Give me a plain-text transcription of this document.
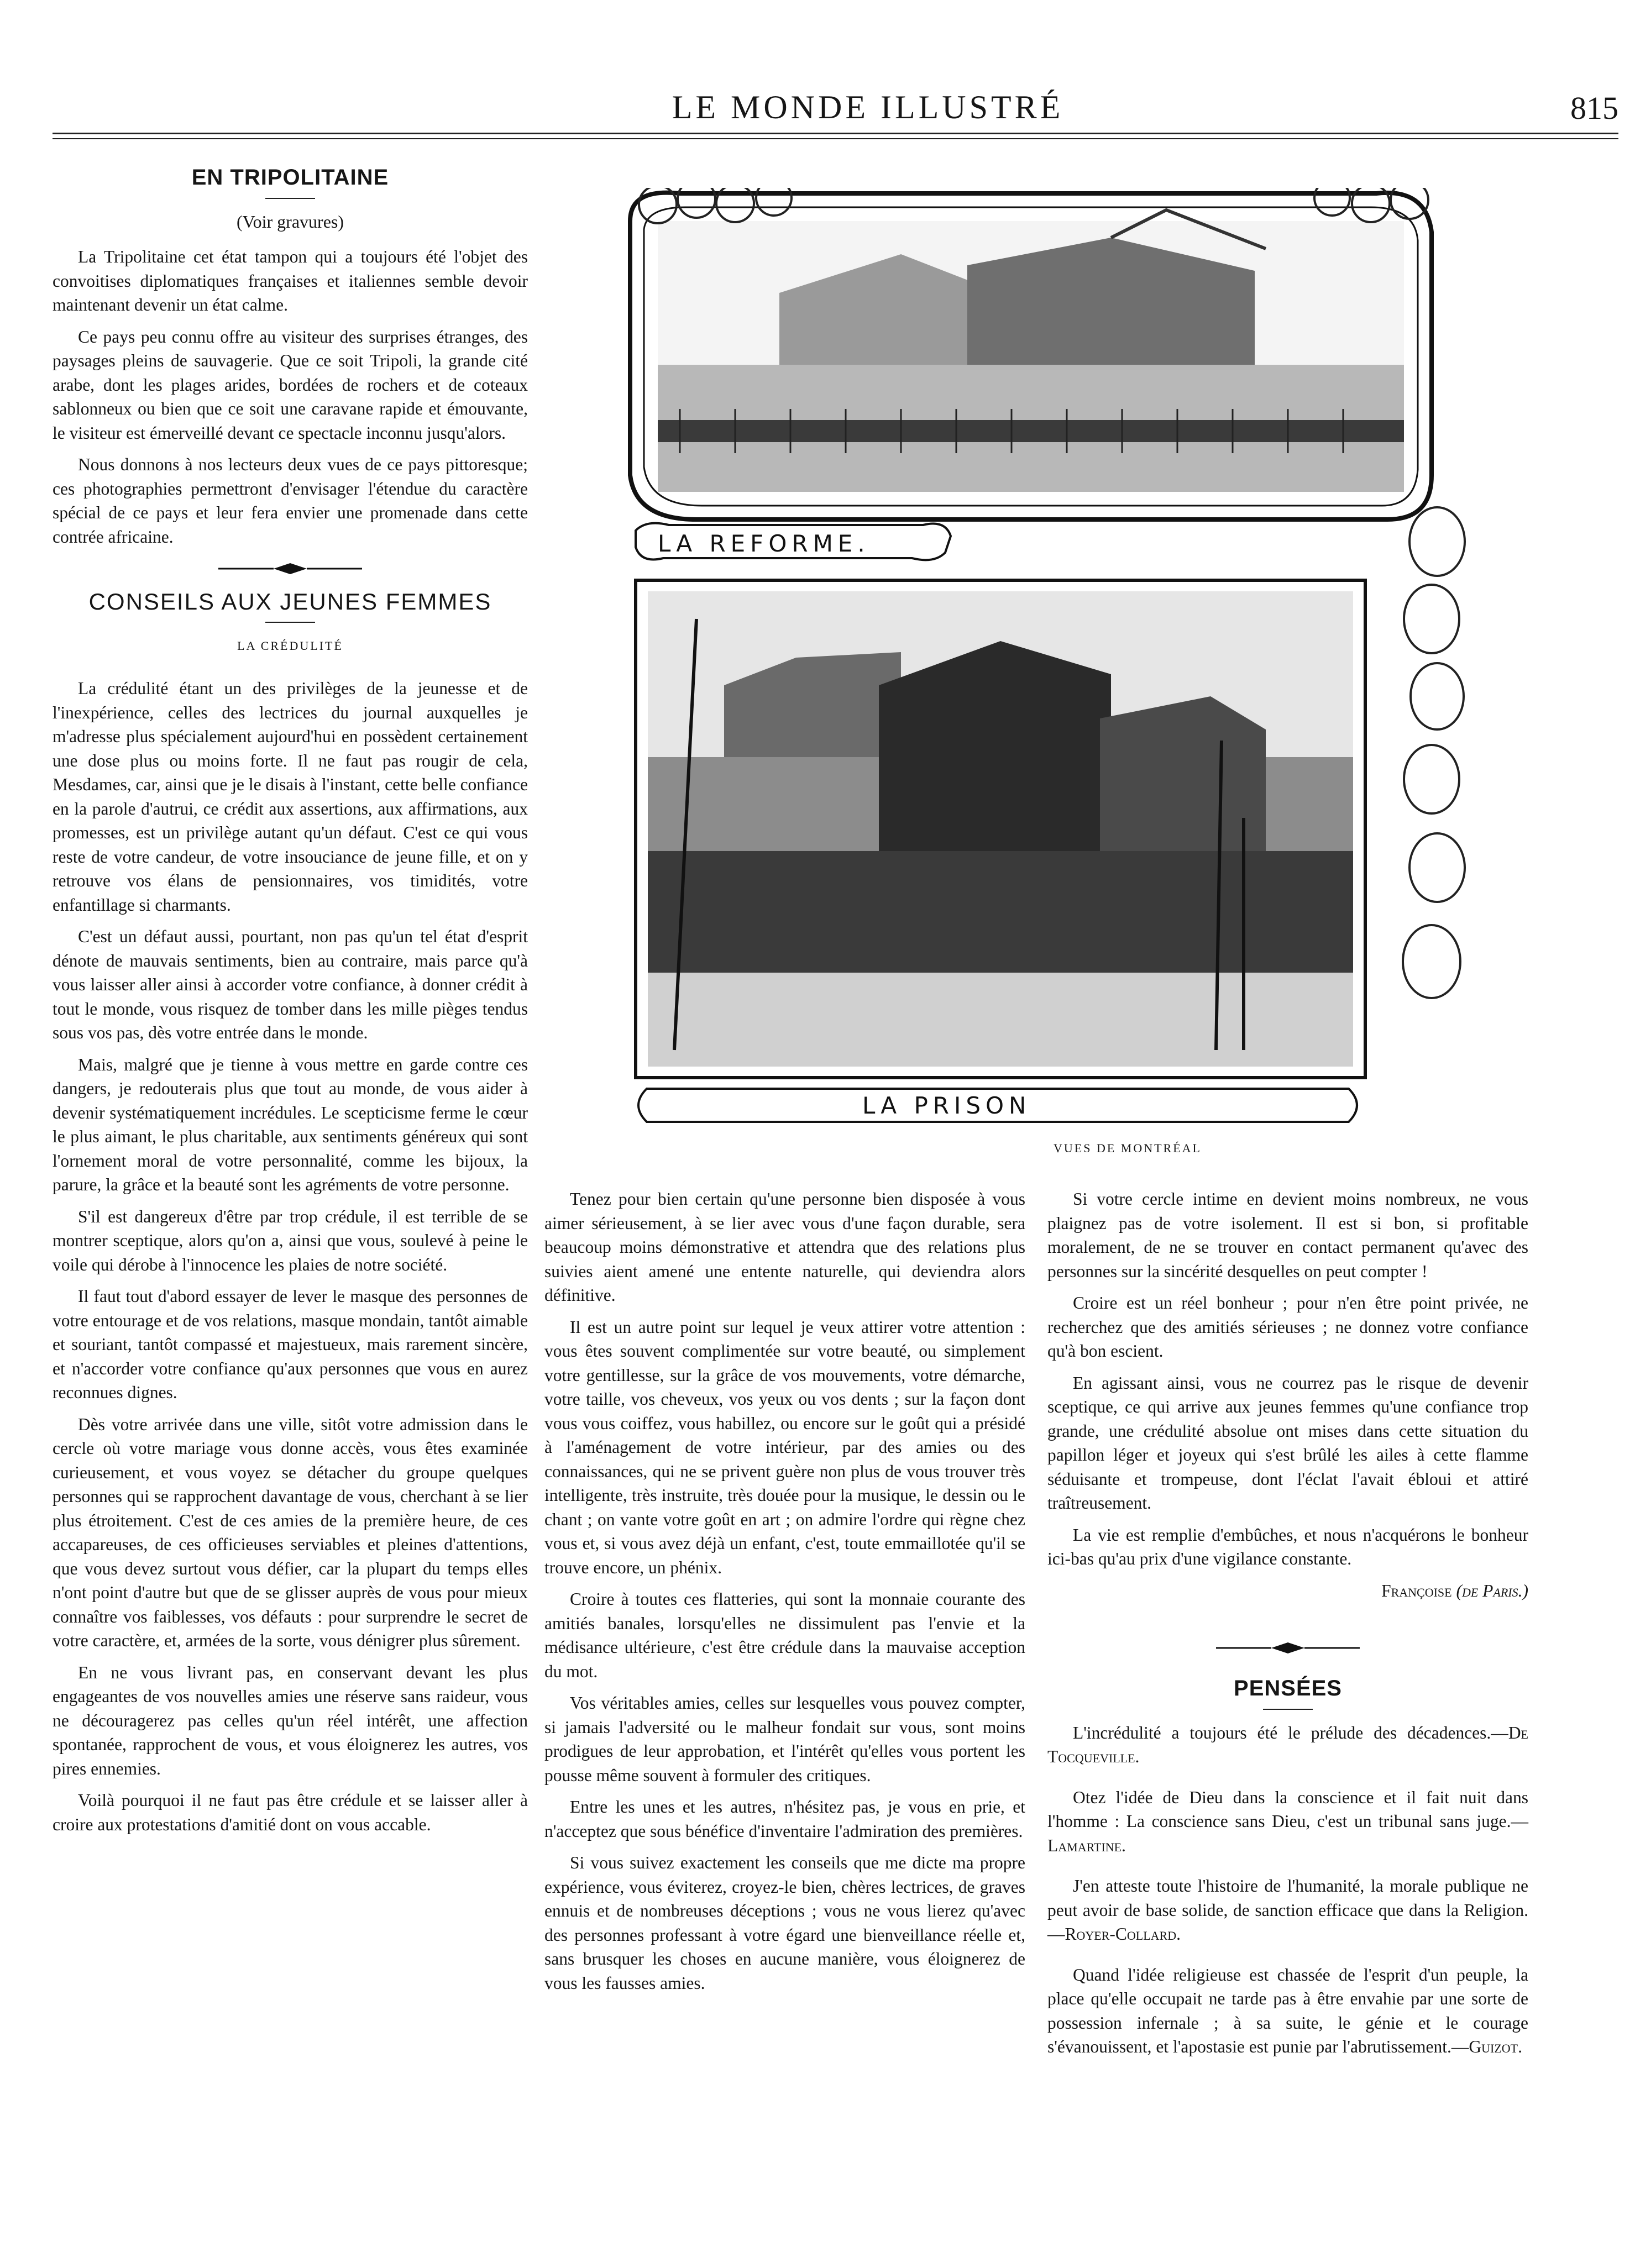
LE MONDE ILLUSTRÉ	815
EN TRIPOLITAINE
(Voir gravures)

La Tripolitaine cet état tampon qui a toujours été l'objet des convoitises diplomatiques françaises et italiennes semble devoir maintenant devenir un état calme.

Ce pays peu connu offre au visiteur des surprises étranges, des paysages pleins de sauvagerie. Que ce soit Tripoli, la grande cité arabe, dont les plages arides, bordées de rochers et de coteaux sablonneux ou bien que ce soit une caravane rapide et émouvante, le visiteur est émerveillé devant ce spectacle inconnu jusqu'alors.

Nous donnons à nos lecteurs deux vues de ce pays pittoresque; ces photographies permettront d'envisager l'étendue du caractère spécial de ce pays et leur fera envier une promenade dans cette contrée africaine.

CONSEILS AUX JEUNES FEMMES
LA CRÉDULITÉ

La crédulité étant un des privilèges de la jeunesse et de l'inexpérience, celles des lectrices du journal auxquelles je m'adresse plus spécialement aujourd'hui en possèdent certainement une dose plus ou moins forte. Il ne faut pas rougir de cela, Mesdames, car, ainsi que je le disais à l'instant, cette belle confiance en la parole d'autrui, ce crédit aux assertions, aux affirmations, aux promesses, est un privilège autant qu'un défaut. C'est ce qui vous reste de votre candeur, de votre insouciance de jeune fille, et on y retrouve vos élans de pensionnaires, vos timidités, votre enfantillage si charmants.

C'est un défaut aussi, pourtant, non pas qu'un tel état d'esprit dénote de mauvais sentiments, bien au contraire, mais parce qu'à vous laisser aller ainsi à accorder votre confiance, à donner crédit à tout le monde, vous risquez de tomber dans les mille pièges tendus sous vos pas, dès votre entrée dans le monde.

Mais, malgré que je tienne à vous mettre en garde contre ces dangers, je redouterais plus que tout au monde, de vous aider à devenir systématiquement incrédules. Le scepticisme ferme le cœur le plus aimant, le plus charitable, aux sentiments généreux qui sont l'ornement moral de votre personnalité, comme les bijoux, la parure, la grâce et la beauté sont les agréments de votre personne.

S'il est dangereux d'être par trop crédule, il est terrible de se montrer sceptique, alors qu'on a, ainsi que vous, soulevé à peine le voile qui dérobe à l'innocence les plaies de notre société.

Il faut tout d'abord essayer de lever le masque des personnes de votre entourage et de vos relations, masque mondain, tantôt aimable et souriant, tantôt compassé et majestueux, mais rarement sincère, et n'accorder votre confiance qu'aux personnes que vous en aurez reconnues dignes.

Dès votre arrivée dans une ville, sitôt votre admission dans le cercle où votre mariage vous donne accès, vous êtes examinée curieusement, et vous voyez se détacher du groupe quelques personnes qui se rapprochent davantage de vous, cherchant à se lier plus étroitement. C'est de ces amies de la première heure, de ces accapareuses, de ces officieuses serviables et pleines d'attentions, que vous devez surtout vous défier, car la plupart du temps elles n'ont point d'autre but que de se glisser auprès de vous pour mieux connaître vos faiblesses, vos défauts : pour surprendre le secret de votre caractère, et, armées de la sorte, vous dénigrer plus sûrement.

En ne vous livrant pas, en conservant devant les plus engageantes de vos nouvelles amies une réserve sans raideur, vous ne découragerez pas celles qu'un réel intérêt, une affection spontanée, rapprochent de vous, et vous éloignerez les autres, vos pires ennemies.

Voilà pourquoi il ne faut pas être crédule et se laisser aller à croire aux protestations d'amitié dont on vous accable.

LA REFORME.
LA PRISON
VUES DE MONTRÉAL

Tenez pour bien certain qu'une personne bien disposée à vous aimer sérieusement, à se lier avec vous d'une façon durable, sera beaucoup moins démonstrative et attendra que des relations plus suivies aient amené une entente naturelle, qui deviendra alors définitive.

Il est un autre point sur lequel je veux attirer votre attention : vous êtes souvent complimentée sur votre beauté, ou simplement votre gentillesse, sur la grâce de vos mouvements, votre démarche, votre taille, vos cheveux, vos yeux ou vos dents ; sur la façon dont vous vous coiffez, vous habillez, ou encore sur le goût qui a présidé à l'aménagement de votre intérieur, par des amies ou des connaissances, qui ne se privent guère non plus de vous trouver très intelligente, très instruite, très douée pour la musique, le dessin ou le chant ; on vante votre goût en art ; on admire l'ordre qui règne chez vous et, si vous avez déjà un enfant, c'est, toute emmaillotée qu'il se trouve encore, un phénix.

Croire à toutes ces flatteries, qui sont la monnaie courante des amitiés banales, lorsqu'elles ne dissimulent pas l'envie et la médisance ultérieure, c'est être crédule dans la mauvaise acception du mot.

Vos véritables amies, celles sur lesquelles vous pouvez compter, si jamais l'adversité ou le malheur fondait sur vous, sont moins prodigues de leur approbation, et l'intérêt qu'elles vous portent les pousse même souvent à formuler des critiques.

Entre les unes et les autres, n'hésitez pas, je vous en prie, et n'acceptez que sous bénéfice d'inventaire l'admiration des premières.

Si vous suivez exactement les conseils que me dicte ma propre expérience, vous éviterez, croyez-le bien, chères lectrices, de graves ennuis et de nombreuses déceptions ; vous ne vous lierez qu'avec des personnes professant à votre égard une bienveillance réelle et, sans brusquer les choses en aucune manière, vous éloignerez de vous les fausses amies.

Si votre cercle intime en devient moins nombreux, ne vous plaignez pas de votre isolement. Il est si bon, si profitable moralement, de ne se trouver en contact permanent qu'avec des personnes sur la sincérité desquelles on peut compter !

Croire est un réel bonheur ; pour n'en être point privée, ne recherchez que des amitiés sérieuses ; ne donnez votre confiance qu'à bon escient.

En agissant ainsi, vous ne courrez pas le risque de devenir sceptique, ce qui arrive aux jeunes femmes qu'une confiance trop grande, une crédulité absolue ont mises dans cette situation du papillon léger et joyeux qui s'est brûlé les ailes à cette flamme séduisante et trompeuse, dont l'éclat l'avait ébloui et attiré traîtreusement.

La vie est remplie d'embûches, et nous n'acquérons le bonheur ici-bas qu'au prix d'une vigilance constante.

Françoise (de Paris.)

PENSÉES

L'incrédulité a toujours été le prélude des décadences.—De Tocqueville.

Otez l'idée de Dieu dans la conscience et il fait nuit dans l'homme : La conscience sans Dieu, c'est un tribunal sans juge.—Lamartine.

J'en atteste toute l'histoire de l'humanité, la morale publique ne peut avoir de base solide, de sanction efficace que dans la Religion.—Royer-Collard.

Quand l'idée religieuse est chassée de l'esprit d'un peuple, la place qu'elle occupait ne tarde pas à être envahie par une sorte de possession infernale ; à sa suite, le génie et le courage s'évanouissent, et l'apostasie est punie par l'abrutissement.—Guizot.
